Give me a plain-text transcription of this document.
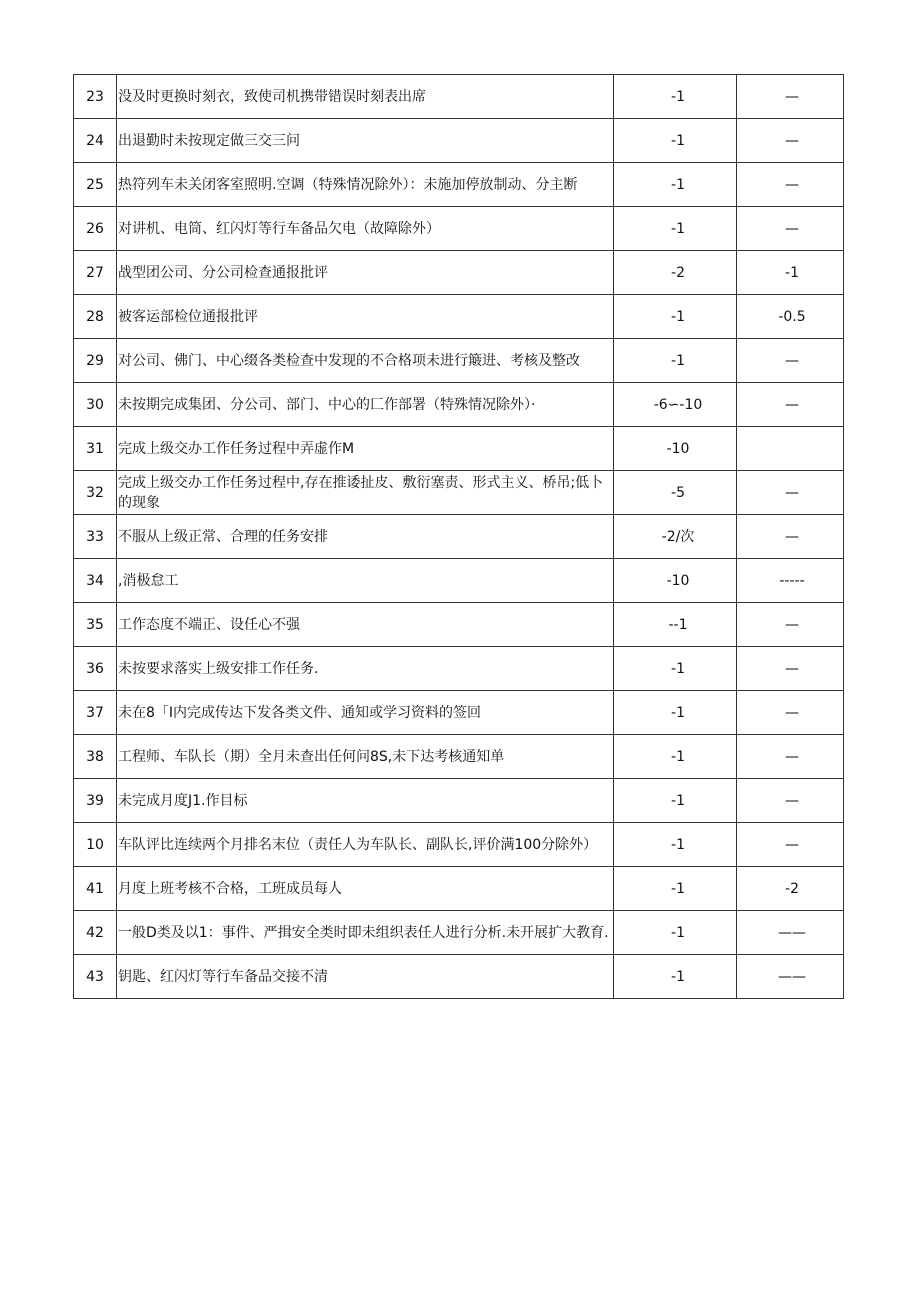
23	没及时更换时刻衣，致使司机携带错误时刻表出席	-1	—
24	出退勤时未按现定做三交三问	-1	—
25	热符列车未关闭客室照明.空调（特殊情况除外）：未施加停放制动、分主断	-1	—
26	对讲机、电筒、红闪灯等行车备品欠电（故障除外）	-1	—
27	战型团公司、分公司检查通报批评	-2	-1
28	被客运部检位通报批评	-1	-0.5
29	对公司、佛门、中心缀各类检查中发现的不合格项未进行簸进、考核及整改	-1	—
30	未按期完成集团、分公司、部门、中心的匚作部署（特殊情况除外）·	-6∽-10	—
31	完成上级交办工作任务过程中弄虚作M	-10	
32	完成上级交办工作任务过程中,存在推诿扯皮、敷衍塞责、形式主义、桥吊;低卜的现象	-5	—
33	不服从上级正常、合理的任务安排	-2/次	—
34	,消极怠工	-10	-----
35	工作态度不端正、设任心不强	--1	—
36	未按要求落实上级安排工作任务.	-1	—
37	未在8「I内完成传达下发各类文件、通知或学习资料的签回	-1	—
38	工程师、车队长（期）全月未查出任何问8S,未下达考核通知单	-1	—
39	未完成月度J1.作目标	-1	—
10	车队评比连续两个月排名末位（责任人为车队长、副队长,评价满100分除外）	-1	—
41	月度上班考核不合格，工班成员每人	-1	-2
42	一般D类及以1：事件、严揖安全类时即未组织表任人进行分析.未开展扩大教育.	-1	——
43	钥匙、红闪灯等行车备品交接不清	-1	——
